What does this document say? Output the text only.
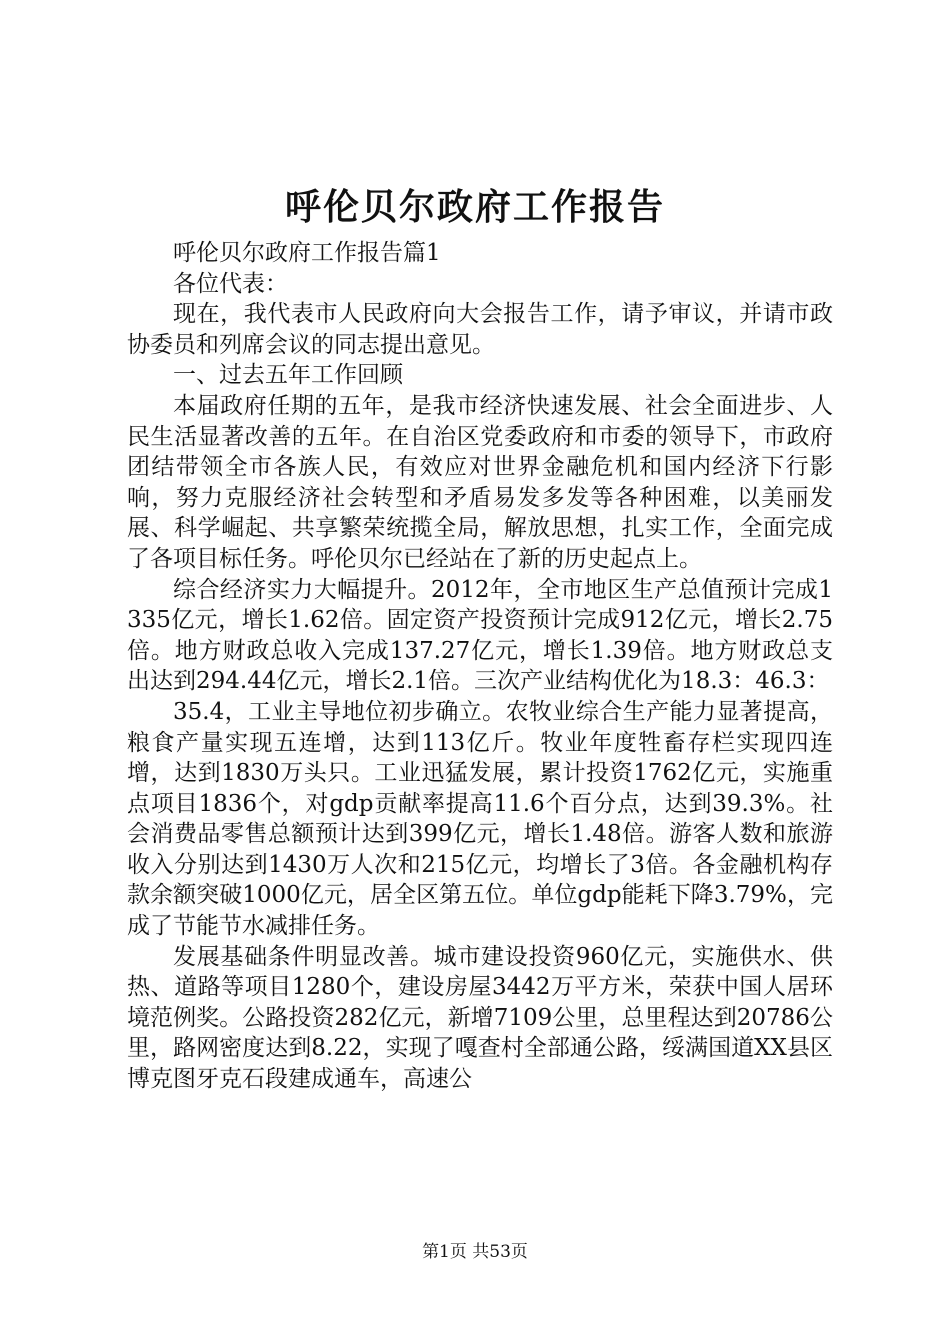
呼伦贝尔政府工作报告

呼伦贝尔政府工作报告篇1

各位代表：

现在，我代表市人民政府向大会报告工作，请予审议，并请市政协委员和列席会议的同志提出意见。

一、过去五年工作回顾

本届政府任期的五年，是我市经济快速发展、社会全面进步、人民生活显著改善的五年。在自治区党委政府和市委的领导下，市政府团结带领全市各族人民，有效应对世界金融危机和国内经济下行影响，努力克服经济社会转型和矛盾易发多发等各种困难，以美丽发展、科学崛起、共享繁荣统揽全局，解放思想，扎实工作，全面完成了各项目标任务。呼伦贝尔已经站在了新的历史起点上。

综合经济实力大幅提升。2012年，全市地区生产总值预计完成1335亿元，增长1.62倍。固定资产投资预计完成912亿元，增长2.75倍。地方财政总收入完成137.27亿元，增长1.39倍。地方财政总支出达到294.44亿元，增长2.1倍。三次产业结构优化为18.3：46.3：

35.4，工业主导地位初步确立。农牧业综合生产能力显著提高，粮食产量实现五连增，达到113亿斤。牧业年度牲畜存栏实现四连增，达到1830万头只。工业迅猛发展，累计投资1762亿元，实施重点项目1836个，对gdp贡献率提高11.6个百分点，达到39.3%。社会消费品零售总额预计达到399亿元，增长1.48倍。游客人数和旅游收入分别达到1430万人次和215亿元，均增长了3倍。各金融机构存款余额突破1000亿元，居全区第五位。单位gdp能耗下降3.79%，完成了节能节水减排任务。

发展基础条件明显改善。城市建设投资960亿元，实施供水、供热、道路等项目1280个，建设房屋3442万平方米，荣获中国人居环境范例奖。公路投资282亿元，新增7109公里，总里程达到20786公里，路网密度达到8.22，实现了嘎查村全部通公路，绥满国道XX县区博克图牙克石段建成通车，高速公

第1页 共53页
